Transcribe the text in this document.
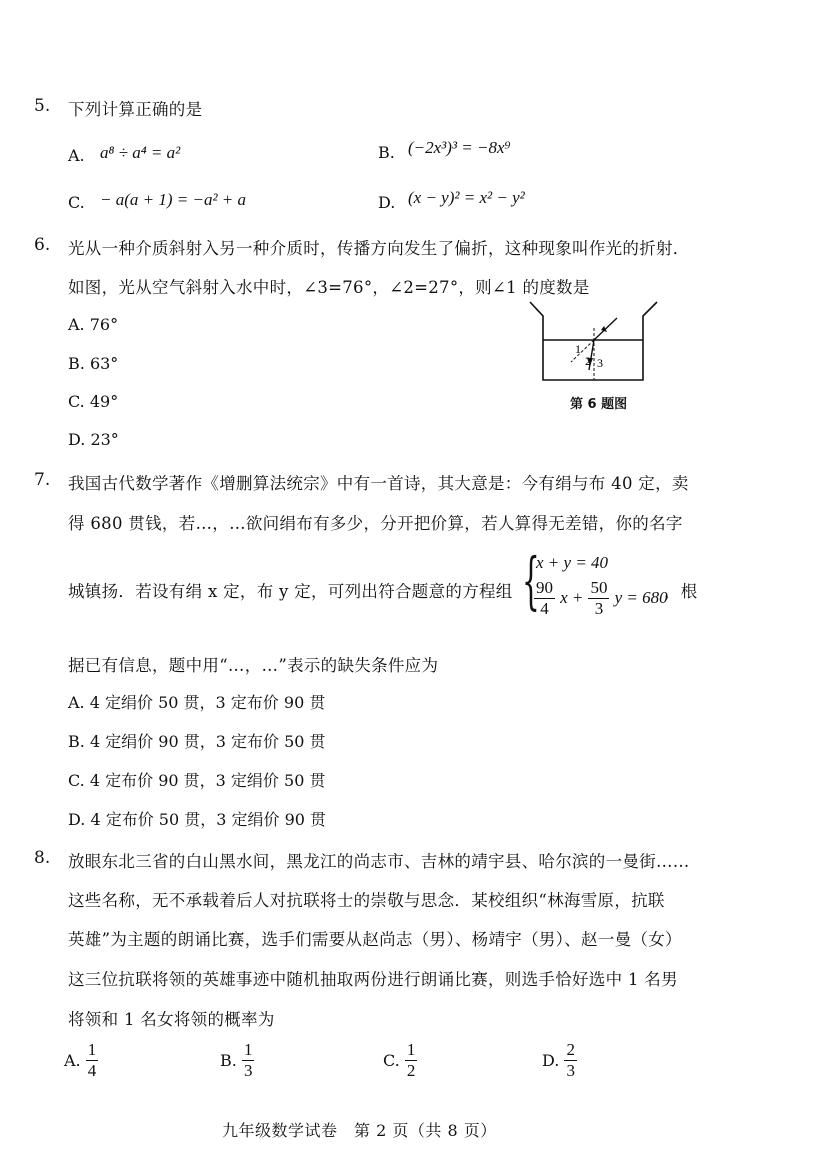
5. 下列计算正确的是
A. a⁸ ÷ a⁴ = a²	B. (−2x³)³ = −8x⁹
C. − a(a + 1) = −a² + a	D. (x − y)² = x² − y²
6. 光从一种介质斜射入另一种介质时，传播方向发生了偏折，这种现象叫作光的折射．
如图，光从空气斜射入水中时，∠3=76°，∠2=27°，则∠1 的度数是
A. 76°
B. 63°
C. 49°
D. 23°
1
2 3
第 6 题图
7. 我国古代数学著作《增删算法统宗》中有一首诗，其大意是：今有绢与布 40 定，卖
得 680 贯钱，若…，…欲问绢布有多少，分开把价算，若人算得无差错，你的名字
城镇扬．若设有绢 x 定，布 y 定，可列出符合题意的方程组 {
x + y = 40
$\frac{90}{4}$ $x + \frac{50}{3}$ y = 680
，根
据已有信息，题中用“…，…”表示的缺失条件应为
A. 4 定绢价 50 贯，3 定布价 90 贯
B. 4 定绢价 90 贯，3 定布价 50 贯
C. 4 定布价 90 贯，3 定绢价 50 贯
D. 4 定布价 50 贯，3 定绢价 90 贯
8. 放眼东北三省的白山黑水间，黑龙江的尚志市、吉林的靖宇县、哈尔滨的一曼街……
这些名称，无不承载着后人对抗联将士的崇敬与思念．某校组织“林海雪原，抗联
英雄”为主题的朗诵比赛，选手们需要从赵尚志（男）、杨靖宇（男）、赵一曼（女）
这三位抗联将领的英雄事迹中随机抽取两份进行朗诵比赛，则选手恰好选中 1 名男
将领和 1 名女将领的概率为
A. $\frac{1}{4}$	B. $\frac{1}{3}$	C. $\frac{1}{2}$	D. $\frac{2}{3}$
九年级数学试卷　第 2 页（共 8 页）
